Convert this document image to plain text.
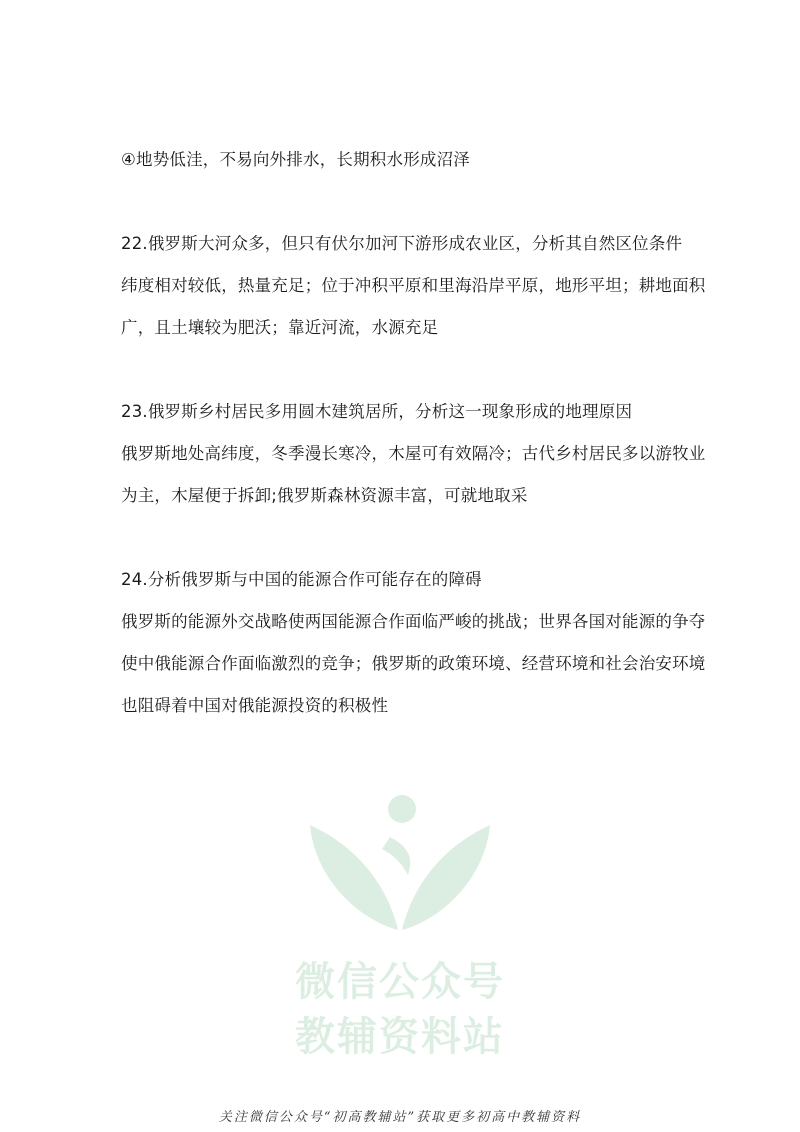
④地势低洼，不易向外排水，长期积水形成沼泽
22.俄罗斯大河众多，但只有伏尔加河下游形成农业区，分析其自然区位条件
纬度相对较低，热量充足；位于冲积平原和里海沿岸平原，地形平坦；耕地面积
广，且土壤较为肥沃；靠近河流，水源充足
23.俄罗斯乡村居民多用圆木建筑居所，分析这一现象形成的地理原因
俄罗斯地处高纬度，冬季漫长寒冷，木屋可有效隔冷；古代乡村居民多以游牧业
为主，木屋便于拆卸;俄罗斯森林资源丰富，可就地取采
24.分析俄罗斯与中国的能源合作可能存在的障碍
俄罗斯的能源外交战略使两国能源合作面临严峻的挑战；世界各国对能源的争夺
使中俄能源合作面临激烈的竞争；俄罗斯的政策环境、经营环境和社会治安环境
也阻碍着中国对俄能源投资的积极性
微信公众号
教辅资料站
关注微信公众号“初高教辅站”获取更多初高中教辅资料
